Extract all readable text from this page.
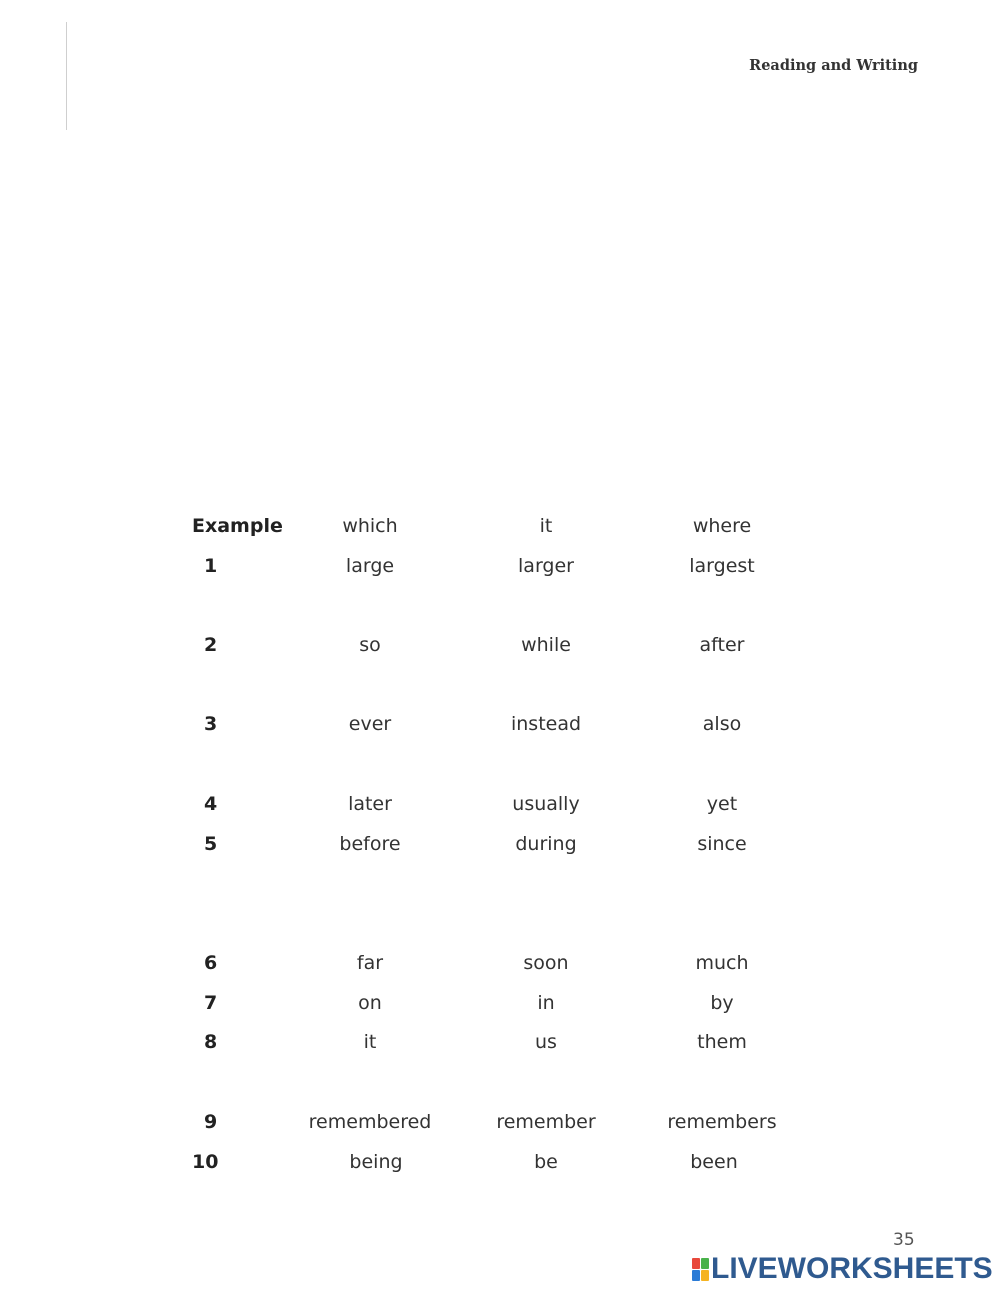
Reading and Writing
Example	which	it	where
1	large	larger	largest
2	so	while	after
3	ever	instead	also
4	later	usually	yet
5	before	during	since
6	far	soon	much
7	on	in	by
8	it	us	them
9	remembered	remember	remembers
10	being	be	been
35
LIVEWORKSHEETS
